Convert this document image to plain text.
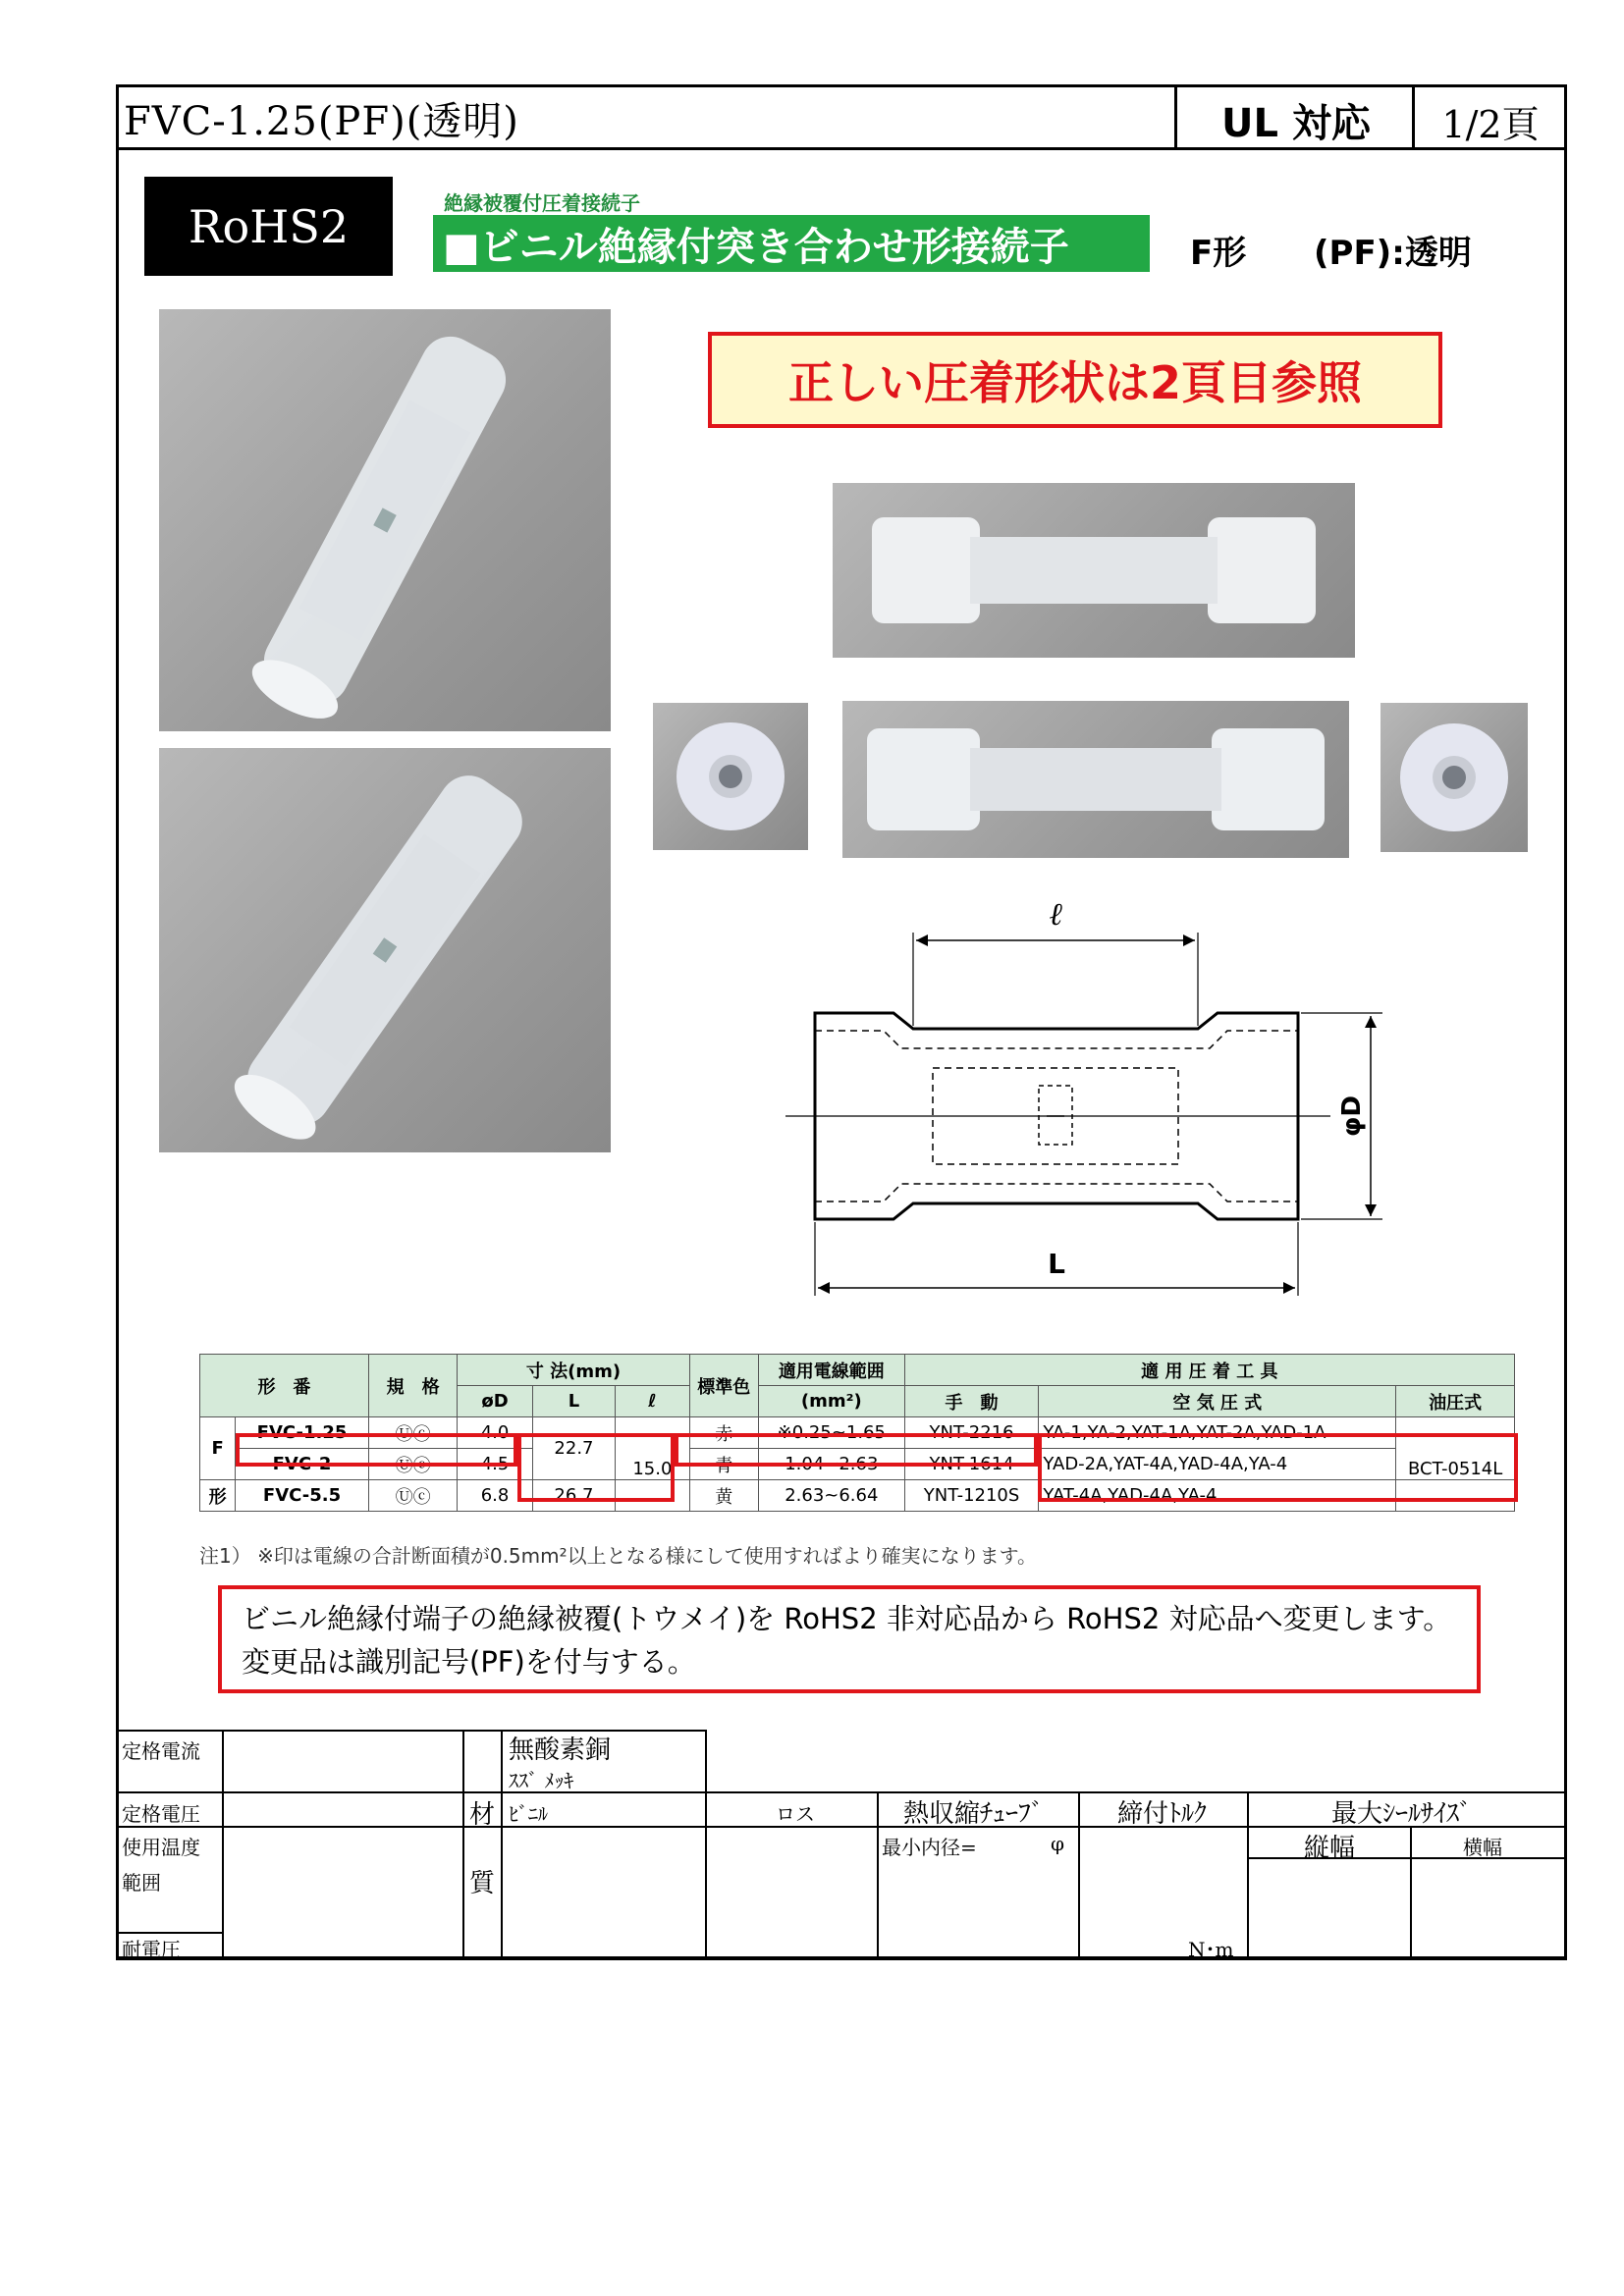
FVC-1.25(PF)(透明)	UL 対応	1/2頁
RoHS2	絶縁被覆付圧着接続子
■ビニル絶縁付突き合わせ形接続子	F形 (PF):透明
正しい圧着形状は2頁目参照
ℓ
φD
L
形　番		規　格	寸 法(mm)			標準色	適用電線範囲	適 用 圧 着 工 具		
			øD	L	ℓ		(mm²)	手　動	空 気 圧 式	油圧式
F	FVC-1.25	Ⓤⓒ	4.0	22.7	15.0	赤	※0.25~1.65	YNT-2216	YA-1,YA-2,YAT-1A,YAT-2A,YAD-1A	BCT-0514L
	FVC-2	Ⓤⓒ	4.5			青	1.04~2.63	YNT-1614	YAD-2A,YAT-4A,YAD-4A,YA-4	
形	FVC-5.5	Ⓤⓒ	6.8	26.7		黄	2.63~6.64	YNT-1210S	YAT-4A,YAD-4A,YA-4	
注1） ※印は電線の合計断面積が0.5mm²以上となる様にして使用すればより確実になります。
ビニル絶縁付端子の絶縁被覆(トウメイ)を RoHS2 非対応品から RoHS2 対応品へ変更します。
変更品は識別記号(PF)を付与する。
定格電流
定格電圧
使用温度
範囲
耐電圧
材
質
無酸素銅
ｽｽﾞ ﾒｯｷ
ﾋﾞﾆﾙ	ロス	熱収縮ﾁｭｰﾌﾞ
最小内径=	φ
締付ﾄﾙｸ
N･m
最大ｼｰﾙｻｲｽﾞ
縦幅	横幅
